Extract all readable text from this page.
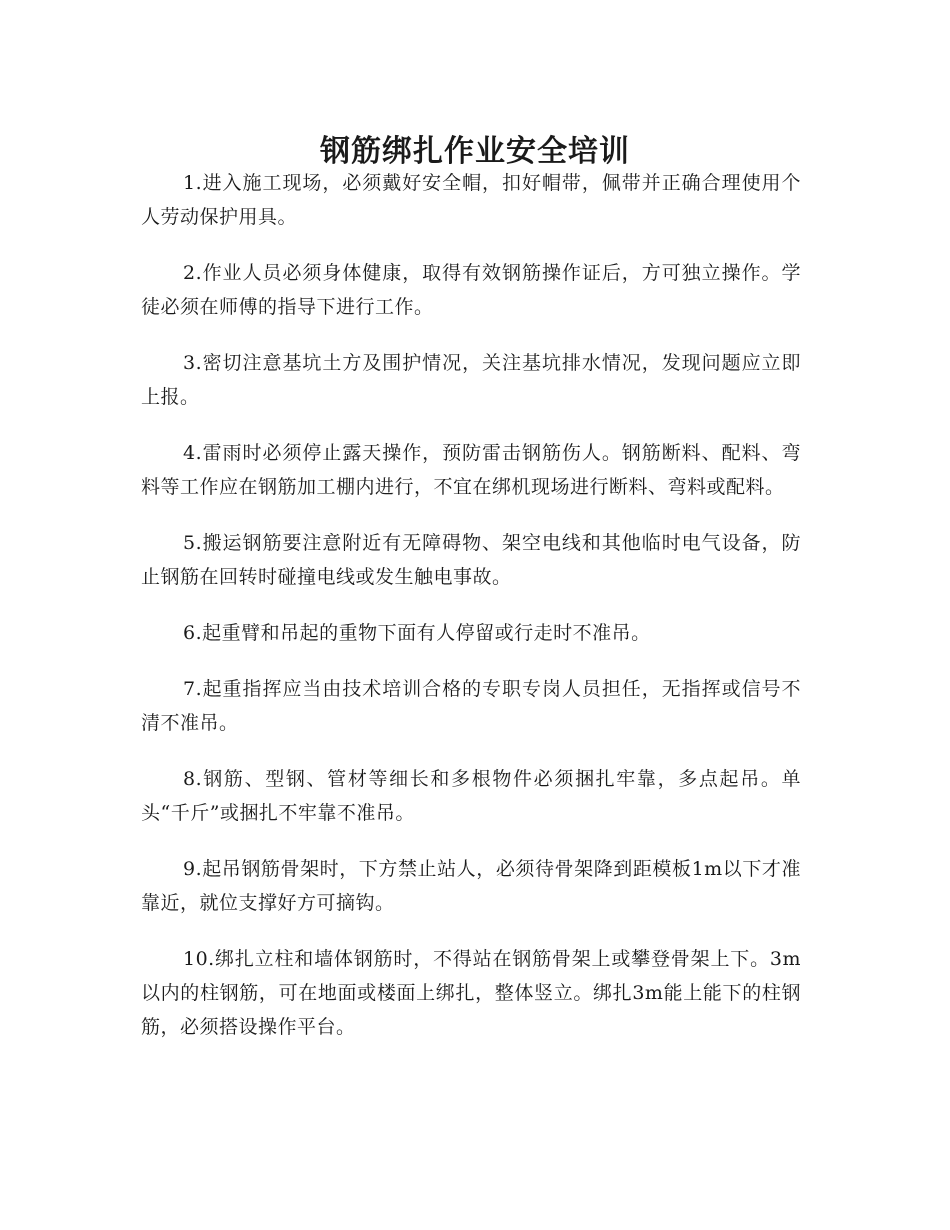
钢筋绑扎作业安全培训

1.进入施工现场，必须戴好安全帽，扣好帽带，佩带并正确合理使用个人劳动保护用具。

2.作业人员必须身体健康，取得有效钢筋操作证后，方可独立操作。学徒必须在师傅的指导下进行工作。

3.密切注意基坑土方及围护情况，关注基坑排水情况，发现问题应立即上报。

4.雷雨时必须停止露天操作，预防雷击钢筋伤人。钢筋断料、配料、弯料等工作应在钢筋加工棚内进行，不宜在绑机现场进行断料、弯料或配料。

5.搬运钢筋要注意附近有无障碍物、架空电线和其他临时电气设备，防止钢筋在回转时碰撞电线或发生触电事故。

6.起重臂和吊起的重物下面有人停留或行走时不准吊。

7.起重指挥应当由技术培训合格的专职专岗人员担任，无指挥或信号不清不准吊。

8.钢筋、型钢、管材等细长和多根物件必须捆扎牢靠，多点起吊。单头“千斤”或捆扎不牢靠不准吊。

9.起吊钢筋骨架时，下方禁止站人，必须待骨架降到距模板1m以下才准靠近，就位支撑好方可摘钩。

10.绑扎立柱和墙体钢筋时，不得站在钢筋骨架上或攀登骨架上下。3m以内的柱钢筋，可在地面或楼面上绑扎，整体竖立。绑扎3m能上能下的柱钢筋，必须搭设操作平台。
